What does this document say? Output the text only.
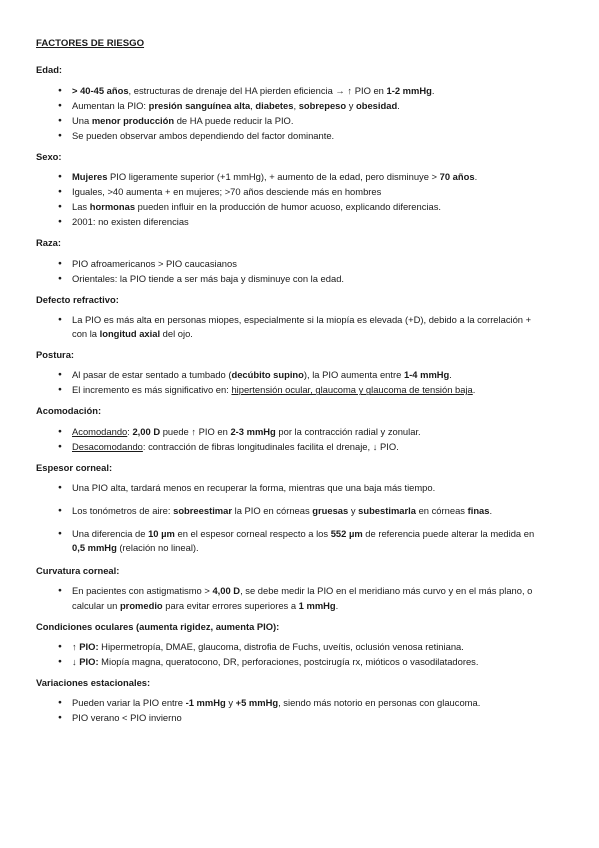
FACTORES DE RIESGO
Edad:
● > 40-45 años, estructuras de drenaje del HA pierden eficiencia → ↑ PIO en 1-2 mmHg.
● Aumentan la PIO: presión sanguínea alta, diabetes, sobrepeso y obesidad.
● Una menor producción de HA puede reducir la PIO.
● Se pueden observar ambos dependiendo del factor dominante.
Sexo:
● Mujeres PIO ligeramente superior (+1 mmHg), + aumento de la edad, pero disminuye > 70 años.
● Iguales, >40 aumenta + en mujeres; >70 años desciende más en hombres
● Las hormonas pueden influir en la producción de humor acuoso, explicando diferencias.
● 2001: no existen diferencias
Raza:
● PIO afroamericanos > PIO caucasianos
● Orientales: la PIO tiende a ser más baja y disminuye con la edad.
Defecto refractivo:
● La PIO es más alta en personas miopes, especialmente si la miopía es elevada (+D), debido a la correlación + con la longitud axial del ojo.
Postura:
● Al pasar de estar sentado a tumbado (decúbito supino), la PIO aumenta entre 1-4 mmHg.
● El incremento es más significativo en: hipertensión ocular, glaucoma y glaucoma de tensión baja.
Acomodación:
● Acomodando: 2,00 D puede ↑ PIO en 2-3 mmHg por la contracción radial y zonular.
● Desacomodando: contracción de fibras longitudinales facilita el drenaje, ↓ PIO.
Espesor corneal:
● Una PIO alta, tardará menos en recuperar la forma, mientras que una baja más tiempo.
● Los tonómetros de aire: sobreestimar la PIO en córneas gruesas y subestimarla en córneas finas.
● Una diferencia de 10 µm en el espesor corneal respecto a los 552 µm de referencia puede alterar la medida en 0,5 mmHg (relación no lineal).
Curvatura corneal:
● En pacientes con astigmatismo > 4,00 D, se debe medir la PIO en el meridiano más curvo y en el más plano, o calcular un promedio para evitar errores superiores a 1 mmHg.
Condiciones oculares (aumenta rigidez, aumenta PIO):
● ↑ PIO: Hipermetropía, DMAE, glaucoma, distrofia de Fuchs, uveítis, oclusión venosa retiniana.
● ↓ PIO: Miopía magna, queratocono, DR, perforaciones, postcirugía rx, mióticos o vasodilatadores.
Variaciones estacionales:
● Pueden variar la PIO entre -1 mmHg y +5 mmHg, siendo más notorio en personas con glaucoma.
● PIO verano < PIO invierno
